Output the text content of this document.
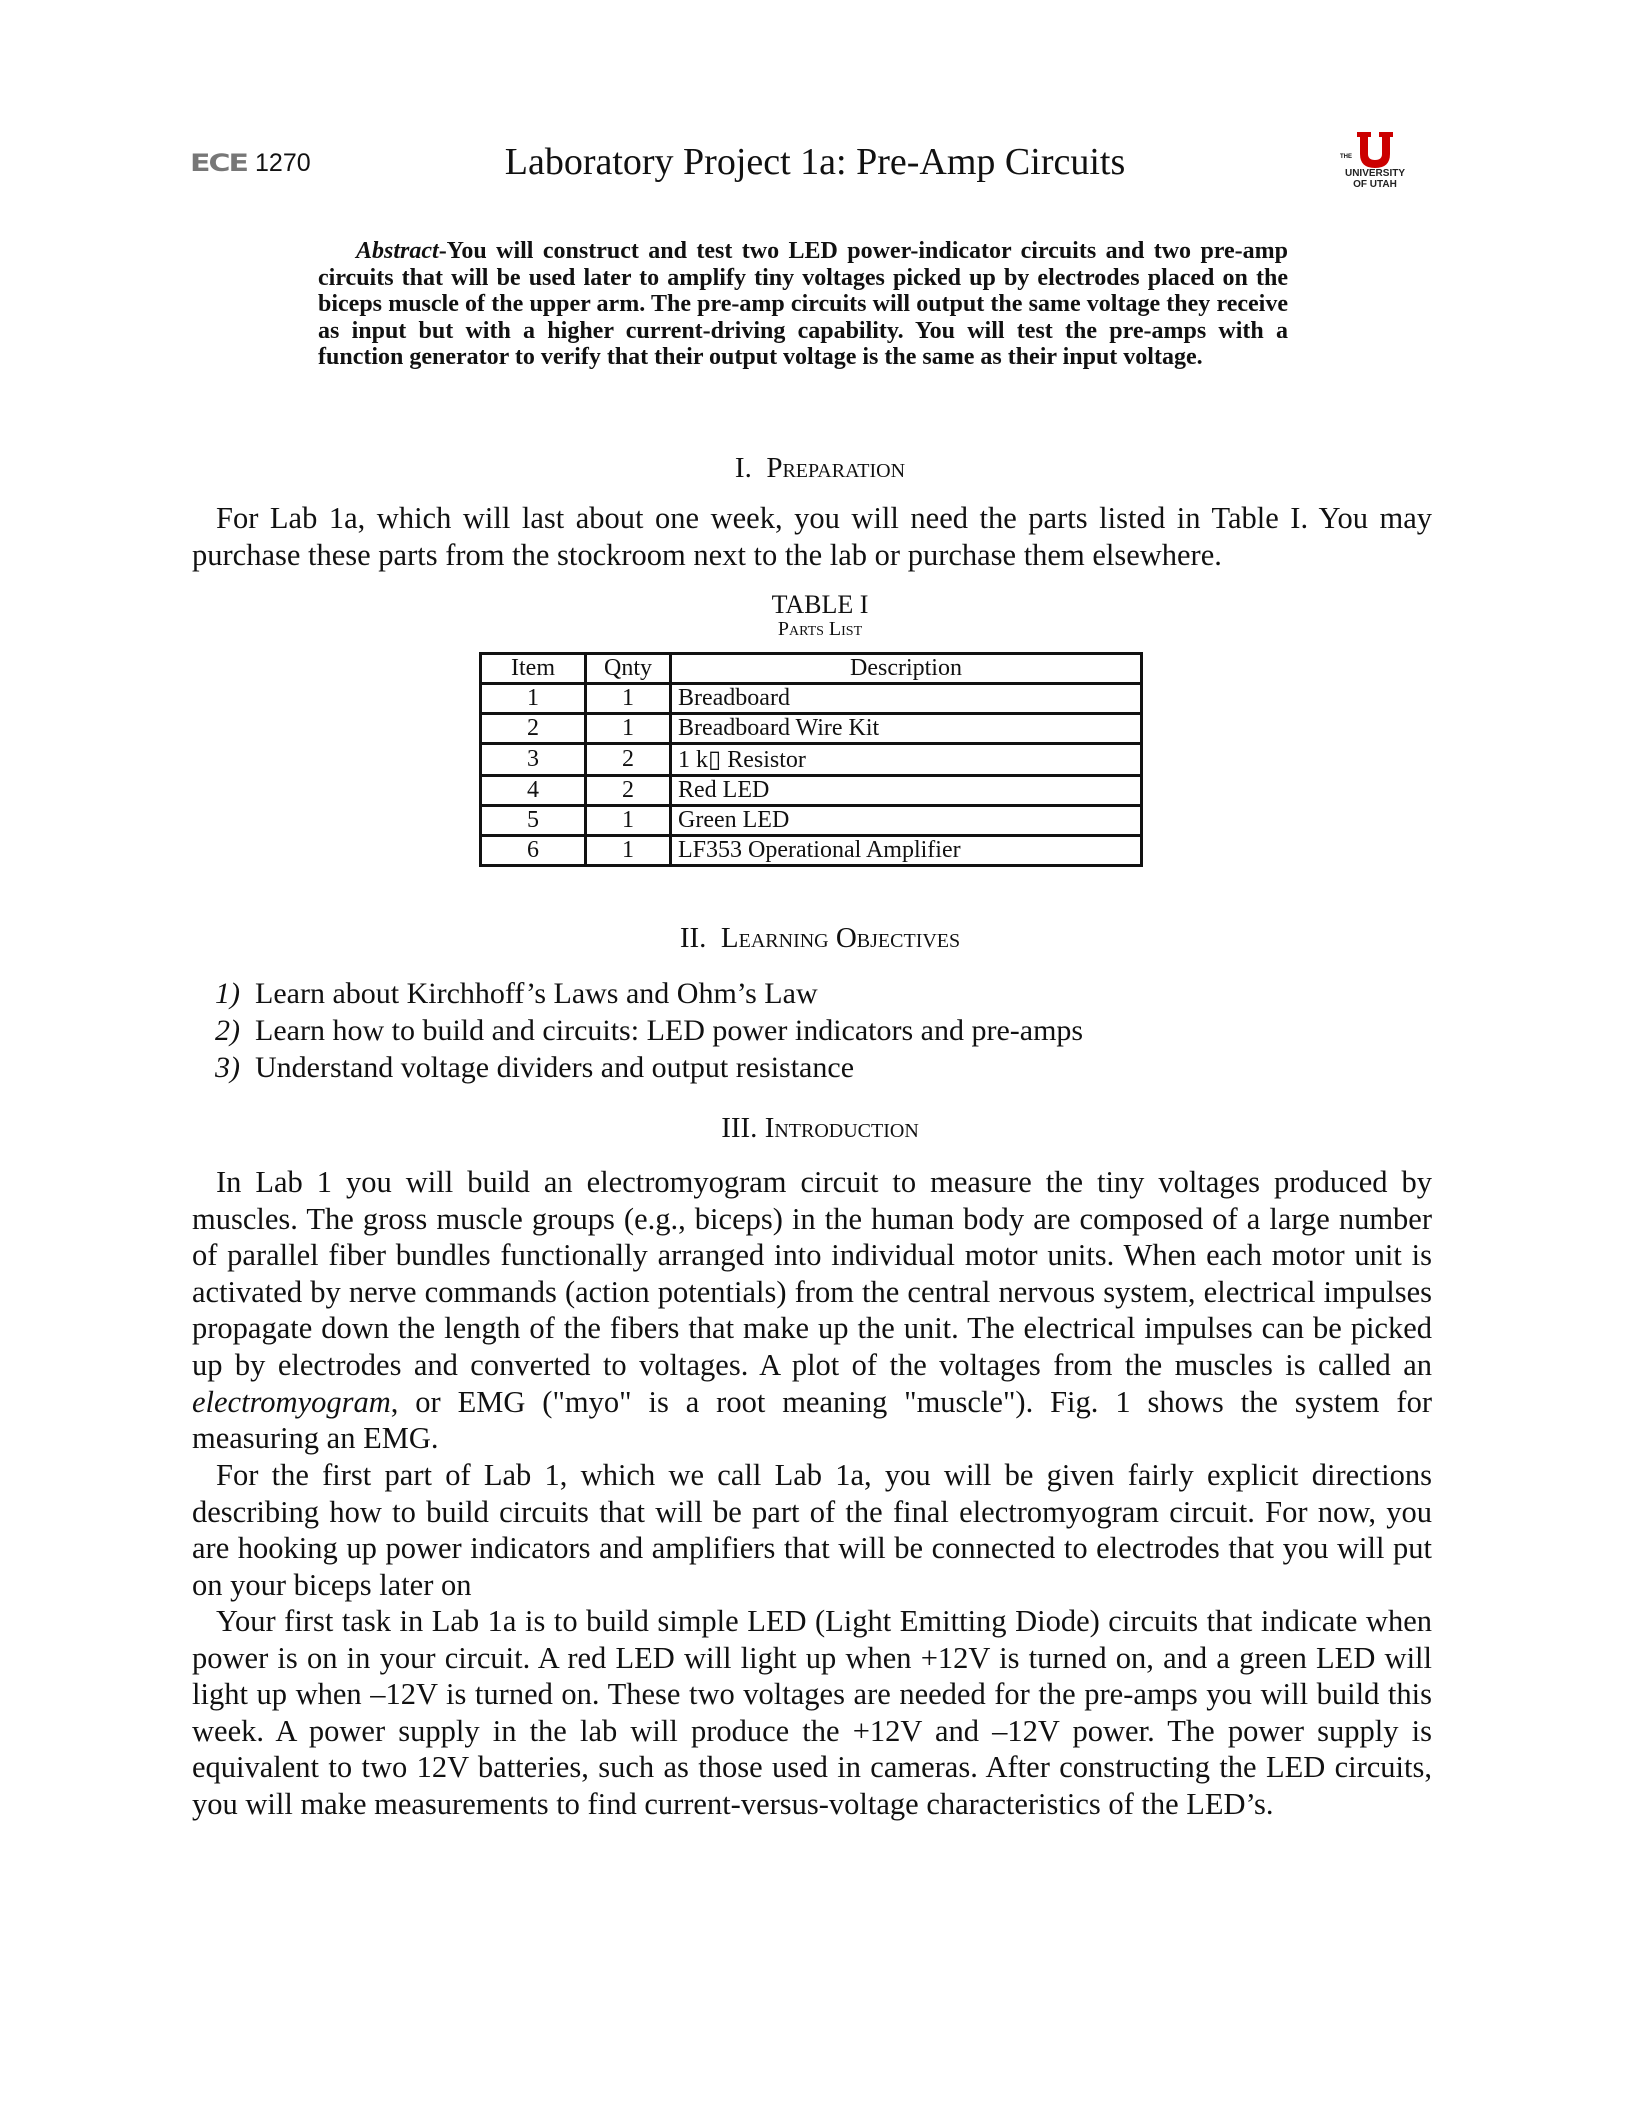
ECE 1270	Laboratory Project 1a: Pre-Amp Circuits	THE
UNIVERSITY
OF UTAH
Abstract-You will construct and test two LED power-indicator circuits and two pre-amp circuits that will be used later to amplify tiny voltages picked up by electrodes placed on the biceps muscle of the upper arm. The pre-amp circuits will output the same voltage they receive as input but with a higher current-driving capability. You will test the pre-amps with a function generator to verify that their output voltage is the same as their input voltage.
I. Preparation
For Lab 1a, which will last about one week, you will need the parts listed in Table I. You may purchase these parts from the stockroom next to the lab or purchase them elsewhere.
TABLE I
Parts List
Item	Qnty	Description
1	1	Breadboard
2	1	Breadboard Wire Kit
3	2	1 k▯ Resistor
4	2	Red LED
5	1	Green LED
6	1	LF353 Operational Amplifier
II. Learning Objectives
1) Learn about Kirchhoff’s Laws and Ohm’s Law
2) Learn how to build and circuits: LED power indicators and pre-amps
3) Understand voltage dividers and output resistance
III. Introduction
In Lab 1 you will build an electromyogram circuit to measure the tiny voltages produced by muscles. The gross muscle groups (e.g., biceps) in the human body are composed of a large number of parallel fiber bundles functionally arranged into individual motor units. When each motor unit is activated by nerve commands (action potentials) from the central nervous system, electrical impulses propagate down the length of the fibers that make up the unit. The electrical impulses can be picked up by electrodes and converted to voltages. A plot of the voltages from the muscles is called an electromyogram, or EMG ("myo" is a root meaning "muscle"). Fig. 1 shows the system for measuring an EMG.
For the first part of Lab 1, which we call Lab 1a, you will be given fairly explicit directions describing how to build circuits that will be part of the final electromyogram circuit. For now, you are hooking up power indicators and amplifiers that will be connected to electrodes that you will put on your biceps later on
Your first task in Lab 1a is to build simple LED (Light Emitting Diode) circuits that indicate when power is on in your circuit. A red LED will light up when +12V is turned on, and a green LED will light up when –12V is turned on. These two voltages are needed for the pre-amps you will build this week. A power supply in the lab will produce the +12V and –12V power. The power supply is equivalent to two 12V batteries, such as those used in cameras. After constructing the LED circuits, you will make measurements to find current-versus-voltage characteristics of the LED’s.
